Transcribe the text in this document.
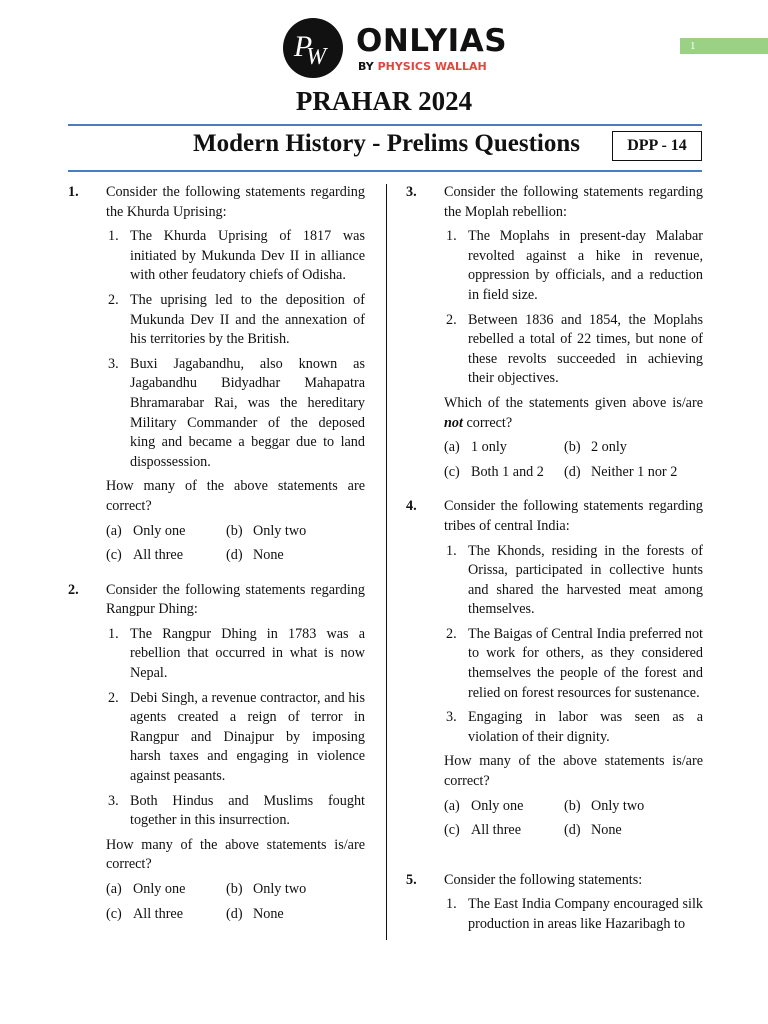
1
$P_W$ ONLYIAS
BY PHYSICS WALLAH
PRAHAR 2024
Modern History - Prelims Questions	DPP - 14
1. Consider the following statements regarding the Khurda Uprising:
1. The Khurda Uprising of 1817 was initiated by Mukunda Dev II in alliance with other feudatory chiefs of Odisha.
2. The uprising led to the deposition of Mukunda Dev II and the annexation of his territories by the British.
3. Buxi Jagabandhu, also known as Jagabandhu Bidyadhar Mahapatra Bhramarabar Rai, was the hereditary Military Commander of the deposed king and became a beggar due to land dispossession.
How many of the above statements are correct?
(a) Only one	(b) Only two
(c) All three	(d) None
2. Consider the following statements regarding Rangpur Dhing:
1. The Rangpur Dhing in 1783 was a rebellion that occurred in what is now Nepal.
2. Debi Singh, a revenue contractor, and his agents created a reign of terror in Rangpur and Dinajpur by imposing harsh taxes and engaging in violence against peasants.
3. Both Hindus and Muslims fought together in this insurrection.
How many of the above statements is/are correct?
(a) Only one	(b) Only two
(c) All three	(d) None
3. Consider the following statements regarding the Moplah rebellion:
1. The Moplahs in present-day Malabar revolted against a hike in revenue, oppression by officials, and a reduction in field size.
2. Between 1836 and 1854, the Moplahs rebelled a total of 22 times, but none of these revolts succeeded in achieving their objectives.
Which of the statements given above is/are not correct?
(a) 1 only	(b) 2 only
(c) Both 1 and 2	(d) Neither 1 nor 2
4. Consider the following statements regarding tribes of central India:
1. The Khonds, residing in the forests of Orissa, participated in collective hunts and shared the harvested meat among themselves.
2. The Baigas of Central India preferred not to work for others, as they considered themselves the people of the forest and relied on forest resources for sustenance.
3. Engaging in labor was seen as a violation of their dignity.
How many of the above statements is/are correct?
(a) Only one	(b) Only two
(c) All three	(d) None
5. Consider the following statements:
1. The East India Company encouraged silk production in areas like Hazaribagh to
